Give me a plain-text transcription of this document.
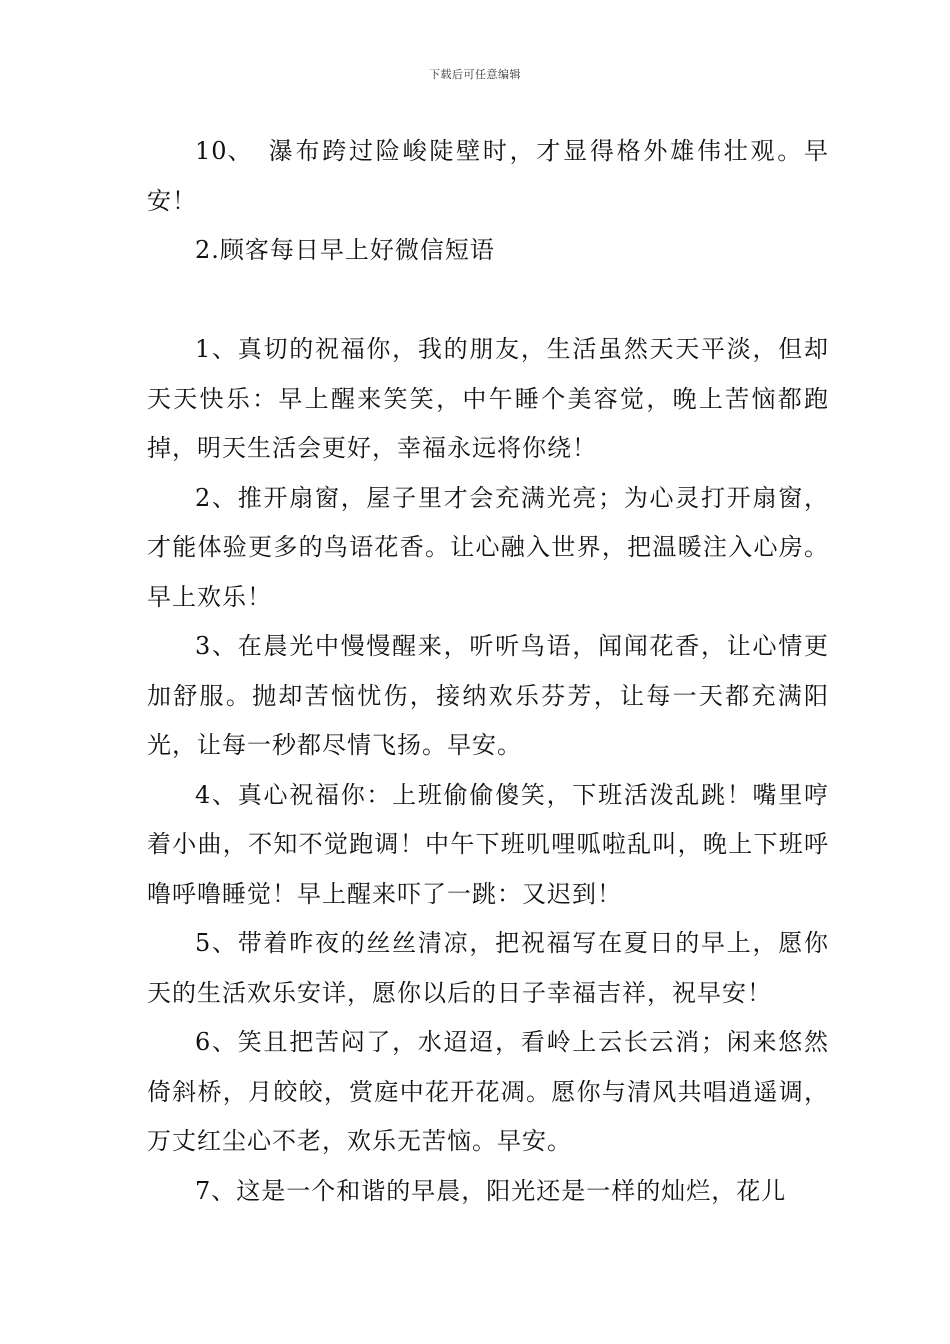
下载后可任意编辑

10、 瀑布跨过险峻陡壁时，才显得格外雄伟壮观。早安！

2.顾客每日早上好微信短语

1、真切的祝福你，我的朋友，生活虽然天天平淡，但却天天快乐：早上醒来笑笑，中午睡个美容觉，晚上苦恼都跑掉，明天生活会更好，幸福永远将你绕！

2、推开扇窗，屋子里才会充满光亮；为心灵打开扇窗，才能体验更多的鸟语花香。让心融入世界，把温暖注入心房。早上欢乐！

3、在晨光中慢慢醒来，听听鸟语，闻闻花香，让心情更加舒服。抛却苦恼忧伤，接纳欢乐芬芳，让每一天都充满阳光，让每一秒都尽情飞扬。早安。

4、真心祝福你：上班偷偷傻笑，下班活泼乱跳！嘴里哼着小曲，不知不觉跑调！中午下班叽哩呱啦乱叫，晚上下班呼噜呼噜睡觉！早上醒来吓了一跳：又迟到！

5、带着昨夜的丝丝清凉，把祝福写在夏日的早上，愿你天的生活欢乐安详，愿你以后的日子幸福吉祥，祝早安！

6、笑且把苦闷了，水迢迢，看岭上云长云消；闲来悠然倚斜桥，月皎皎，赏庭中花开花凋。愿你与清风共唱逍遥调，万丈红尘心不老，欢乐无苦恼。早安。

7、这是一个和谐的早晨，阳光还是一样的灿烂，花儿
